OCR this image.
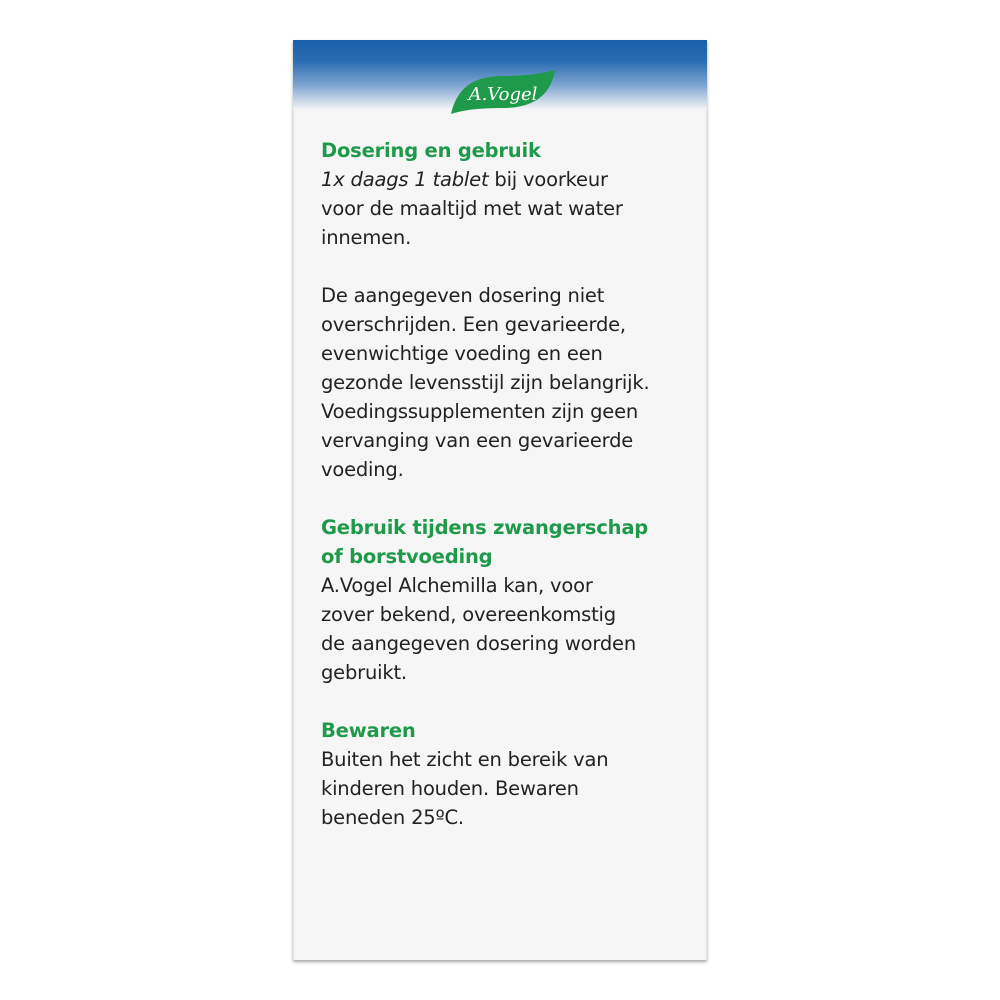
A.Vogel
Dosering en gebruik
1x daags 1 tablet bij voorkeur
voor de maaltijd met wat water
innemen.
De aangegeven dosering niet
overschrijden. Een gevarieerde,
evenwichtige voeding en een
gezonde levensstijl zijn belangrijk.
Voedingssupplementen zijn geen
vervanging van een gevarieerde
voeding.
Gebruik tijdens zwangerschap
of borstvoeding
A.Vogel Alchemilla kan, voor
zover bekend, overeenkomstig
de aangegeven dosering worden
gebruikt.
Bewaren
Buiten het zicht en bereik van
kinderen houden. Bewaren
beneden 25ºC.
